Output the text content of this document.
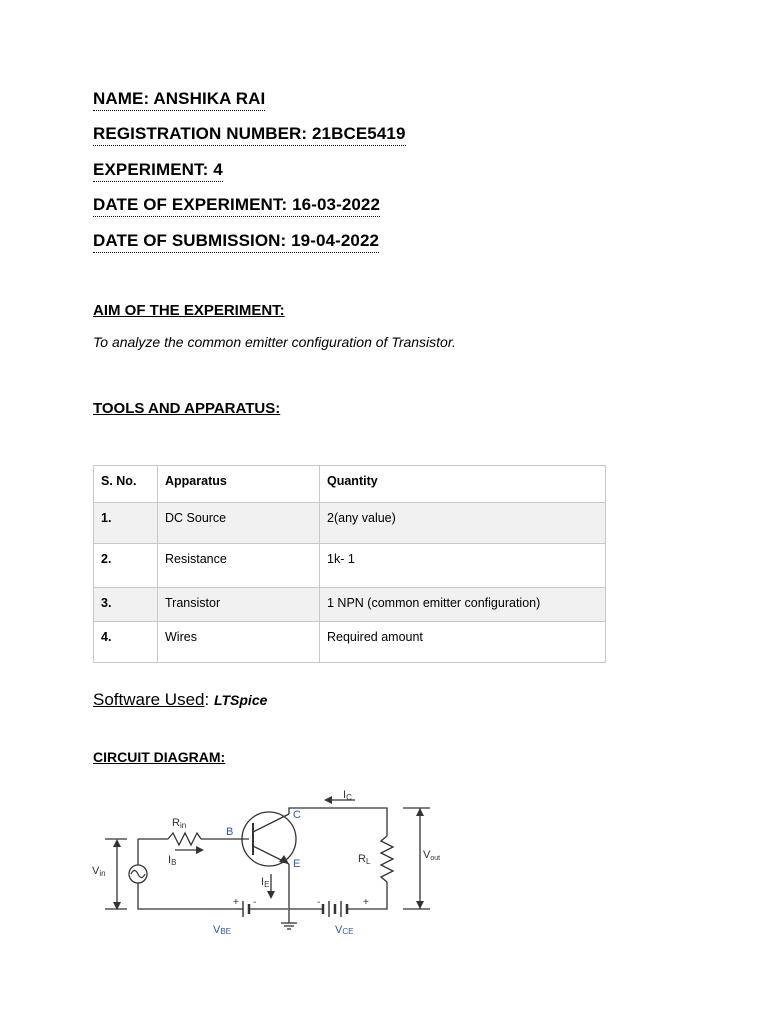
NAME: ANSHIKA RAI
REGISTRATION NUMBER: 21BCE5419
EXPERIMENT: 4
DATE OF EXPERIMENT: 16-03-2022
DATE OF SUBMISSION: 19-04-2022
AIM OF THE EXPERIMENT:
To analyze the common emitter configuration of Transistor.
TOOLS AND APPARATUS:
S. No.	Apparatus	Quantity
1.	DC Source	2(any value)
2.	Resistance	1k- 1
3.	Transistor	1 NPN (common emitter configuration)
4.	Wires	Required amount
Software Used: LTSpice
CIRCUIT DIAGRAM:
IC
Rin
IB
IE
Vin
RL
Vout
+ -	-	+
B
C
E
VBE	VCE
